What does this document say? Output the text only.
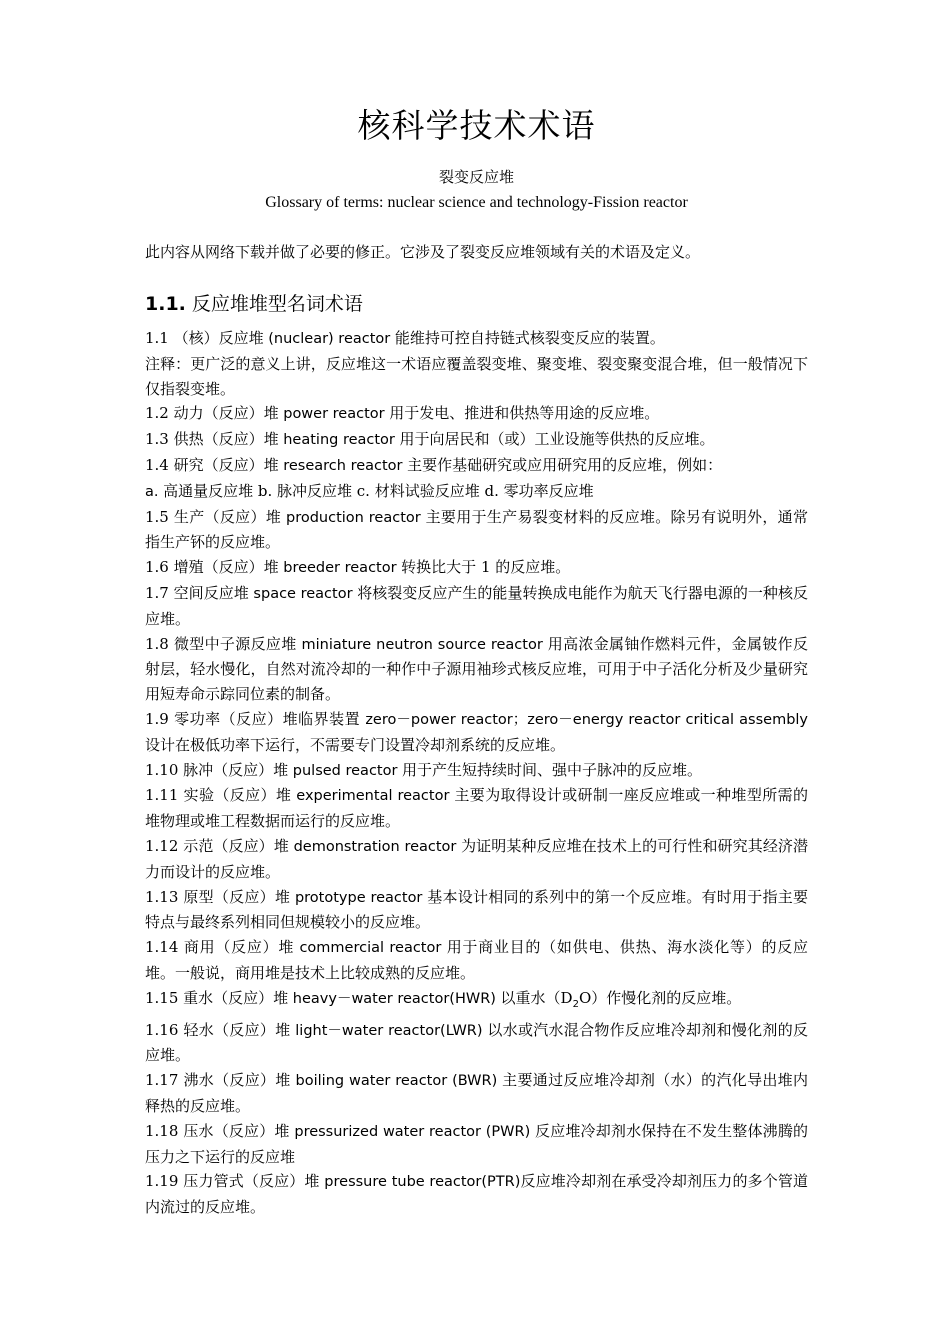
核科学技术术语
裂变反应堆
Glossary of terms: nuclear science and technology-Fission reactor
此内容从网络下载并做了必要的修正。它涉及了裂变反应堆领域有关的术语及定义。
1.1. 反应堆堆型名词术语
1.1 （核）反应堆 (nuclear) reactor 能维持可控自持链式核裂变反应的装置。
注释：更广泛的意义上讲，反应堆这一术语应覆盖裂变堆、聚变堆、裂变聚变混合堆，但一般情况下仅指裂变堆。
1.2 动力（反应）堆 power reactor 用于发电、推进和供热等用途的反应堆。
1.3 供热（反应）堆 heating reactor 用于向居民和（或）工业设施等供热的反应堆。
1.4 研究（反应）堆 research reactor 主要作基础研究或应用研究用的反应堆，例如：
a. 高通量反应堆 b. 脉冲反应堆 c. 材料试验反应堆 d. 零功率反应堆
1.5 生产（反应）堆 production reactor 主要用于生产易裂变材料的反应堆。除另有说明外，通常指生产钚的反应堆。
1.6 增殖（反应）堆 breeder reactor 转换比大于 1 的反应堆。
1.7 空间反应堆 space reactor 将核裂变反应产生的能量转换成电能作为航天飞行器电源的一种核反应堆。
1.8 微型中子源反应堆 miniature neutron source reactor 用高浓金属铀作燃料元件，金属铍作反射层，轻水慢化，自然对流冷却的一种作中子源用袖珍式核反应堆，可用于中子活化分析及少量研究用短寿命示踪同位素的制备。
1.9 零功率（反应）堆临界装置 zero－power reactor；zero－energy reactor critical assembly 设计在极低功率下运行，不需要专门设置冷却剂系统的反应堆。
1.10 脉冲（反应）堆 pulsed reactor 用于产生短持续时间、强中子脉冲的反应堆。
1.11 实验（反应）堆 experimental reactor 主要为取得设计或研制一座反应堆或一种堆型所需的堆物理或堆工程数据而运行的反应堆。
1.12 示范（反应）堆 demonstration reactor 为证明某种反应堆在技术上的可行性和研究其经济潜力而设计的反应堆。
1.13 原型（反应）堆 prototype reactor 基本设计相同的系列中的第一个反应堆。有时用于指主要特点与最终系列相同但规模较小的反应堆。
1.14 商用（反应）堆 commercial reactor 用于商业目的（如供电、供热、海水淡化等）的反应堆。一般说，商用堆是技术上比较成熟的反应堆。
1.15 重水（反应）堆 heavy－water reactor(HWR) 以重水$(D_2O)$作慢化剂的反应堆。
1.16 轻水（反应）堆 light－water reactor(LWR) 以水或汽水混合物作反应堆冷却剂和慢化剂的反应堆。
1.17 沸水（反应）堆 boiling water reactor (BWR) 主要通过反应堆冷却剂（水）的汽化导出堆内释热的反应堆。
1.18 压水（反应）堆 pressurized water reactor (PWR) 反应堆冷却剂水保持在不发生整体沸腾的压力之下运行的反应堆
1.19 压力管式（反应）堆 pressure tube reactor(PTR)反应堆冷却剂在承受冷却剂压力的多个管道内流过的反应堆。
